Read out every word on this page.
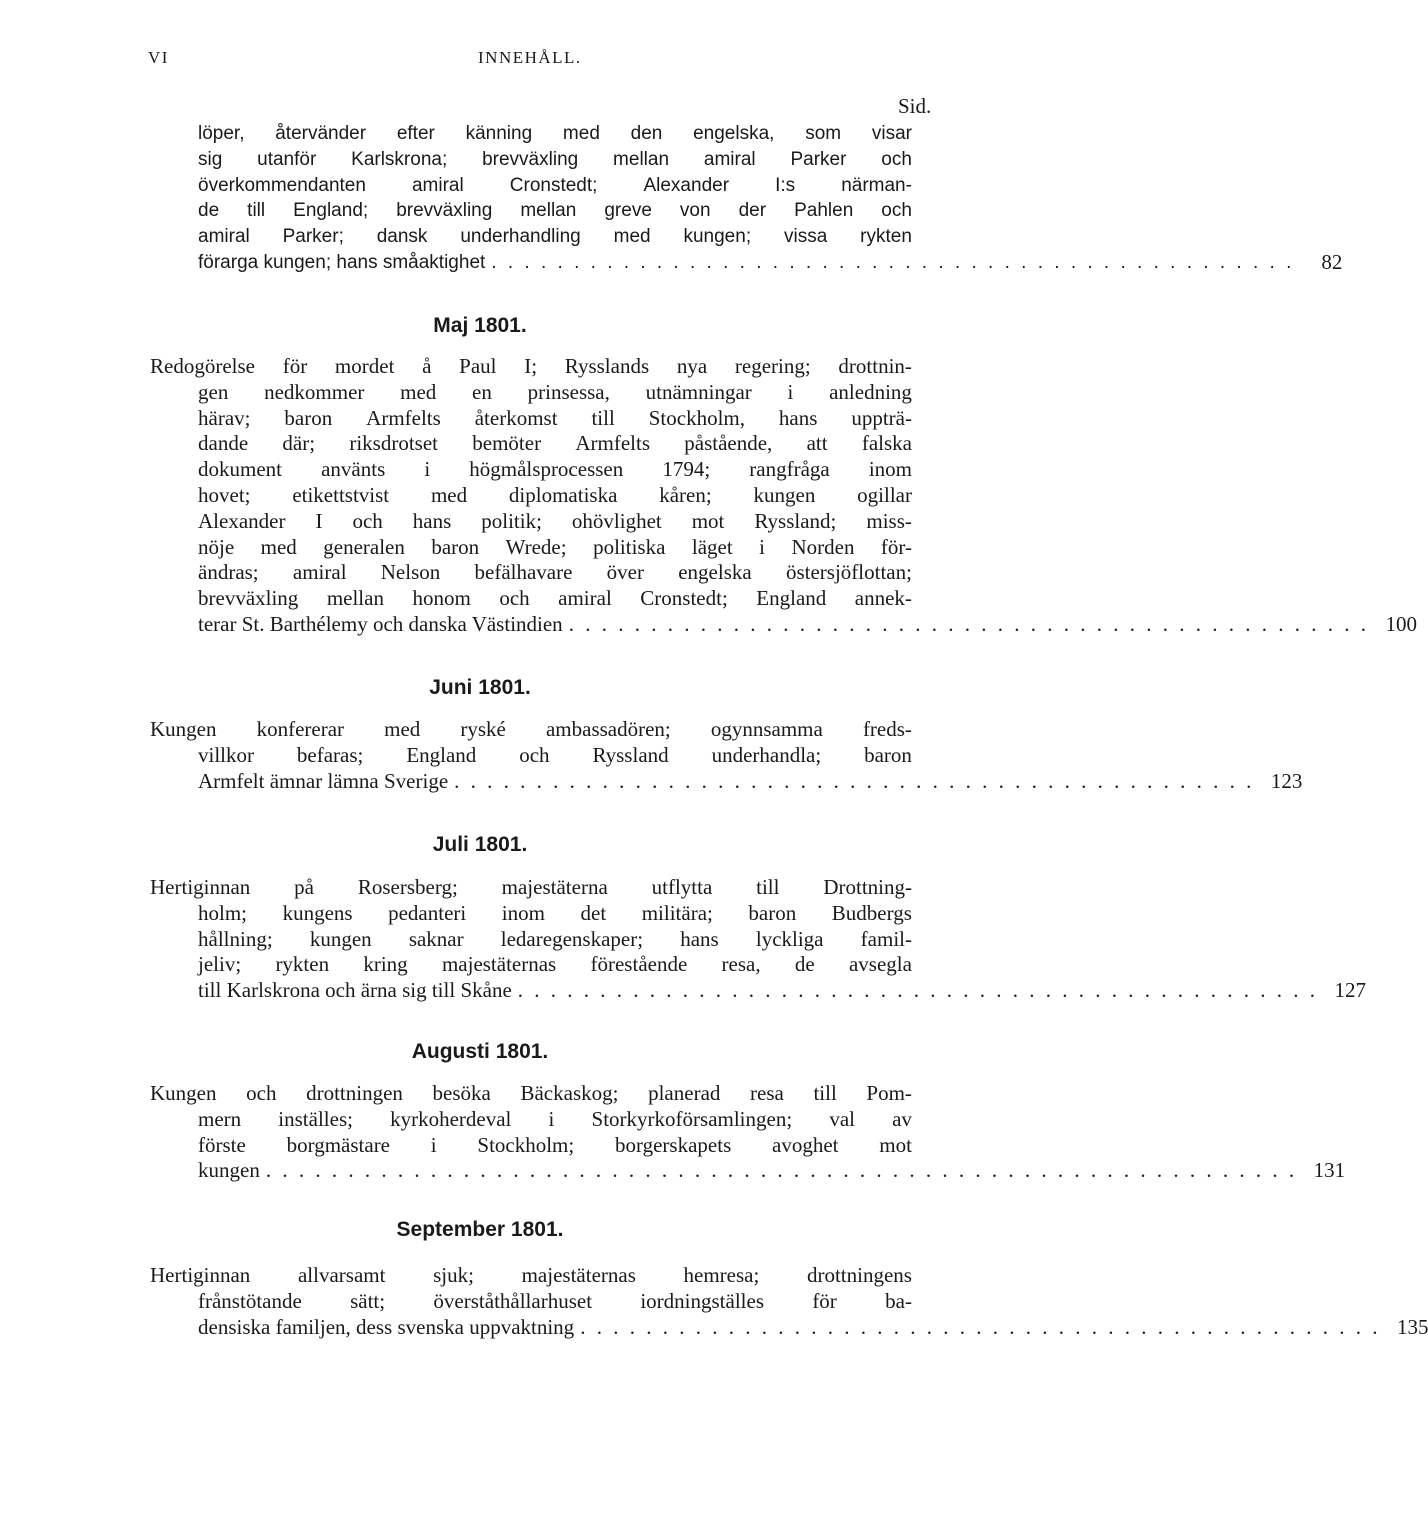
VI	INNEHÅLL.
Sid.
löper, återvänder efter känning med den engelska, som visar
sig utanför Karlskrona; brevväxling mellan amiral Parker och
överkommendanten amiral Cronstedt; Alexander I:s närman-
de till England; brevväxling mellan greve von der Pahlen och
amiral Parker; dansk underhandling med kungen; vissa rykten
förarga kungen; hans småaktighet . . . . . . . . . . . . . . . . . . . . . . . . . . . . . . . . . . . . . . . . . . . . . . . . .	82
Maj 1801.
Redogörelse för mordet å Paul I; Rysslands nya regering; drottnin-
gen nedkommer med en prinsessa, utnämningar i anledning
härav; baron Armfelts återkomst till Stockholm, hans uppträ-
dande där; riksdrotset bemöter Armfelts påstående, att falska
dokument använts i högmålsprocessen 1794; rangfråga inom
hovet; etikettstvist med diplomatiska kåren; kungen ogillar
Alexander I och hans politik; ohövlighet mot Ryssland; miss-
nöje med generalen baron Wrede; politiska läget i Norden för-
ändras; amiral Nelson befälhavare över engelska östersjöflottan;
brevväxling mellan honom och amiral Cronstedt; England annek-
terar St. Barthélemy och danska Västindien . . . . . . . . . . . . . . . . . . . . . . . . . . . . . . . . . . . . . . . . . . . . . . . . . 100
Juni 1801.
Kungen konfererar med ryské ambassadören; ogynnsamma freds-
villkor befaras; England och Ryssland underhandla; baron
Armfelt ämnar lämna Sverige . . . . . . . . . . . . . . . . . . . . . . . . . . . . . . . . . . . . . . . . . . . . . . . . . 123
Juli 1801.
Hertiginnan på Rosersberg; majestäterna utflytta till Drottning-
holm; kungens pedanteri inom det militära; baron Budbergs
hållning; kungen saknar ledaregenskaper; hans lyckliga famil-
jeliv; rykten kring majestäternas förestående resa, de avsegla
till Karlskrona och ärna sig till Skåne . . . . . . . . . . . . . . . . . . . . . . . . . . . . . . . . . . . . . . . . . . . . . . . . . 127
Augusti 1801.
Kungen och drottningen besöka Bäckaskog; planerad resa till Pom-
mern inställes; kyrkoherdeval i Storkyrkoförsamlingen; val av
förste borgmästare i Stockholm; borgerskapets avoghet mot
kungen . . . . . . . . . . . . . . . . . . . . . . . . . . . . . . . . . . . . . . . . . . . . . . . . . . . . . . . . . . . . . . . 131
September 1801.
Hertiginnan allvarsamt sjuk; majestäternas hemresa; drottningens
frånstötande sätt; överståthållarhuset iordningställes för ba-
densiska familjen, dess svenska uppvaktning . . . . . . . . . . . . . . . . . . . . . . . . . . . . . . . . . . . . . . . . . . . . . . . . . 135
